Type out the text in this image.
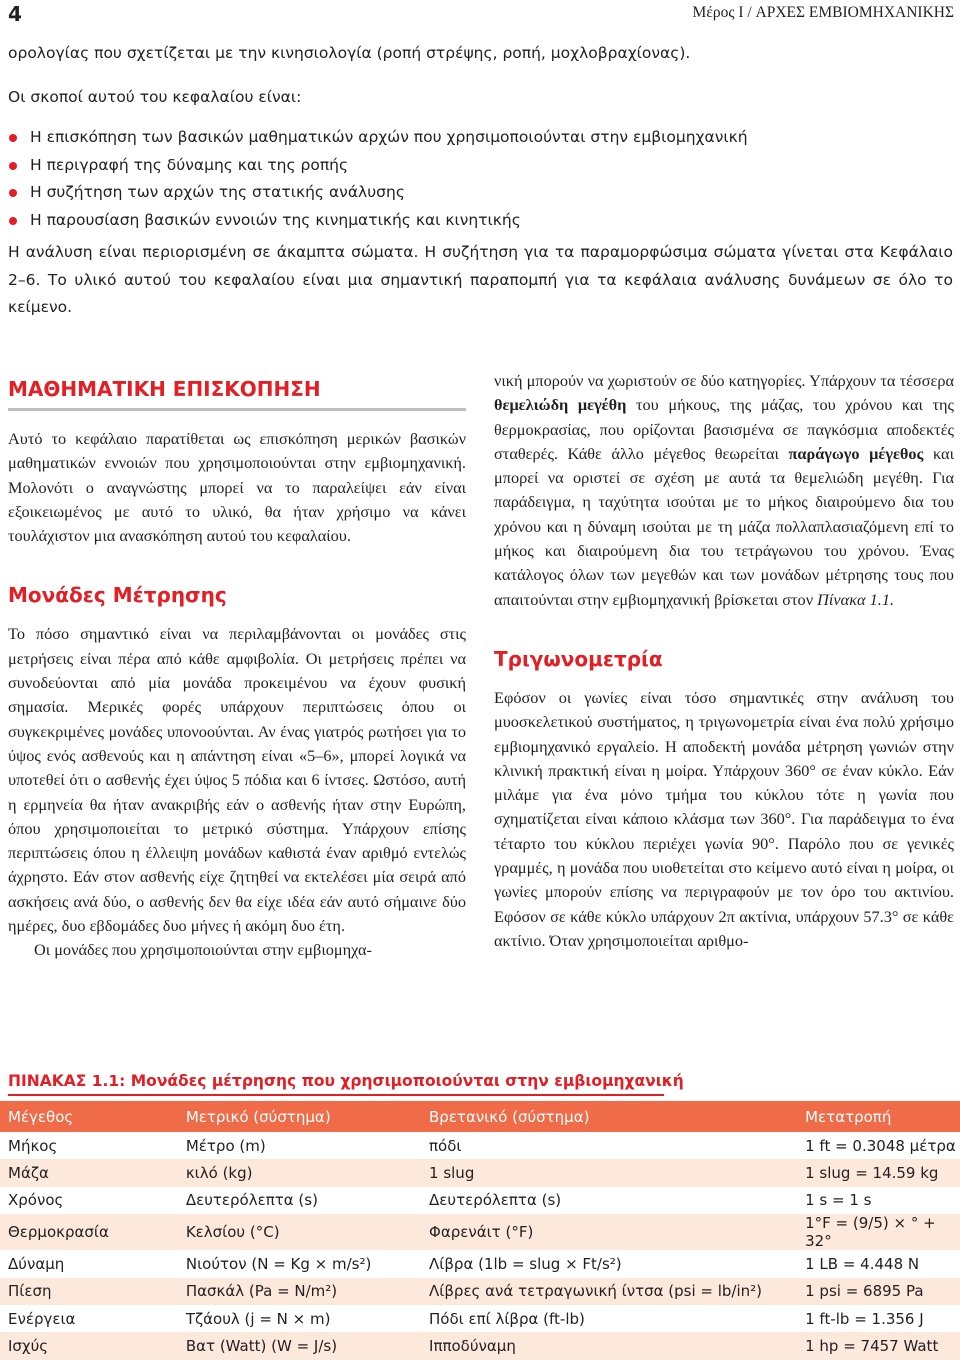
4	Μέρος I / ΑΡΧΕΣ ΕΜΒΙΟΜΗΧΑΝΙΚΗΣ
ορολογίας που σχετίζεται με την κινησιολογία (ροπή στρέψης, ροπή, μοχλοβραχίονας).
Οι σκοποί αυτού του κεφαλαίου είναι:
Η επισκόπηση των βασικών μαθηματικών αρχών που χρησιμοποιούνται στην εμβιομηχανική
Η περιγραφή της δύναμης και της ροπής
Η συζήτηση των αρχών της στατικής ανάλυσης
Η παρουσίαση βασικών εννοιών της κινηματικής και κινητικής
Η ανάλυση είναι περιορισμένη σε άκαμπτα σώματα. Η συζήτηση για τα παραμορφώσιμα σώματα γίνεται στα Κεφάλαιο 2–6. Το υλικό αυτού του κεφαλαίου είναι μια σημαντική παραπομπή για τα κεφάλαια ανάλυσης δυνάμεων σε όλο το κείμενο.
ΜΑΘΗΜΑΤΙΚΗ ΕΠΙΣΚΟΠΗΣΗ

Αυτό το κεφάλαιο παρατίθεται ως επισκόπηση μερικών βασικών μαθηματικών εννοιών που χρησιμοποιούνται στην εμβιομηχανική. Μολονότι ο αναγνώστης μπορεί να το παραλείψει εάν είναι εξοικειωμένος με αυτό το υλικό, θα ήταν χρήσιμο να κάνει τουλάχιστον μια ανασκόπηση αυτού του κεφαλαίου.

Μονάδες Μέτρησης

Το πόσο σημαντικό είναι να περιλαμβάνονται οι μονάδες στις μετρήσεις είναι πέρα από κάθε αμφιβολία. Οι μετρήσεις πρέπει να συνοδεύονται από μία μονάδα προκειμένου να έχουν φυσική σημασία. Μερικές φορές υπάρχουν περιπτώσεις όπου οι συγκεκριμένες μονάδες υπονοούνται. Αν ένας γιατρός ρωτήσει για το ύψος ενός ασθενούς και η απάντηση είναι «5–6», μπορεί λογικά να υποτεθεί ότι ο ασθενής έχει ύψος 5 πόδια και 6 ίντσες. Ωστόσο, αυτή η ερμηνεία θα ήταν ανακριβής εάν ο ασθενής ήταν στην Ευρώπη, όπου χρησιμοποιείται το μετρικό σύστημα. Υπάρχουν επίσης περιπτώσεις όπου η έλλειψη μονάδων καθιστά έναν αριθμό εντελώς άχρηστο. Εάν στον ασθενής είχε ζητηθεί να εκτελέσει μία σειρά από ασκήσεις ανά δύο, ο ασθενής δεν θα είχε ιδέα εάν αυτό σήμαινε δύο ημέρες, δυο εβδομάδες δυο μήνες ή ακόμη δυο έτη.

Οι μονάδες που χρησιμοποιούνται στην εμβιομηχα-

νική μπορούν να χωριστούν σε δύο κατηγορίες. Υπάρχουν τα τέσσερα θεμελιώδη μεγέθη του μήκους, της μάζας, του χρόνου και της θερμοκρασίας, που ορίζονται βασισμένα σε παγκόσμια αποδεκτές σταθερές. Κάθε άλλο μέγεθος θεωρείται παράγωγο μέγεθος και μπορεί να οριστεί σε σχέση με αυτά τα θεμελιώδη μεγέθη. Για παράδειγμα, η ταχύτητα ισούται με το μήκος διαιρούμενο δια του χρόνου και η δύναμη ισούται με τη μάζα πολλαπλασιαζόμενη επί το μήκος και διαιρούμενη δια του τετράγωνου του χρόνου. Ένας κατάλογος όλων των μεγεθών και των μονάδων μέτρησης τους που απαιτούνται στην εμβιομηχανική βρίσκεται στον Πίνακα 1.1.

Τριγωνομετρία

Εφόσον οι γωνίες είναι τόσο σημαντικές στην ανάλυση του μυοσκελετικού συστήματος, η τριγωνομετρία είναι ένα πολύ χρήσιμο εμβιομηχανικό εργαλείο. Η αποδεκτή μονάδα μέτρηση γωνιών στην κλινική πρακτική είναι η μοίρα. Υπάρχουν 360° σε έναν κύκλο. Εάν μιλάμε για ένα μόνο τμήμα του κύκλου τότε η γωνία που σχηματίζεται είναι κάποιο κλάσμα των 360°. Για παράδειγμα το ένα τέταρτο του κύκλου περιέχει γωνία 90°. Παρόλο που σε γενικές γραμμές, η μονάδα που υιοθετείται στο κείμενο αυτό είναι η μοίρα, οι γωνίες μπορούν επίσης να περιγραφούν με τον όρο του ακτινίου. Εφόσον σε κάθε κύκλο υπάρχουν 2π ακτίνια, υπάρχουν 57.3° σε κάθε ακτίνιο. Όταν χρησιμοποιείται αριθμο-

ΠΙΝΑΚΑΣ 1.1: Μονάδες μέτρησης που χρησιμοποιούνται στην εμβιομηχανική
Μέγεθος	Μετρικό (σύστημα)	Βρετανικό (σύστημα)	Μετατροπή
Μήκος	Μέτρο (m)	πόδι	1 ft = 0.3048 μέτρα
Μάζα	κιλό (kg)	1 slug	1 slug = 14.59 kg
Χρόνος	Δευτερόλεπτα (s)	Δευτερόλεπτα (s)	1 s = 1 s
Θερμοκρασία	Κελσίου (°C)	Φαρενάιτ (°F)	1°F = (9/5) × ° + 32°
Δύναμη	Νιούτον (N = Kg × m/s²)	Λίβρα (1lb = slug × Ft/s²)	1 LB = 4.448 N
Πίεση	Πασκάλ (Pa = N/m²)	Λίβρες ανά τετραγωνική ίντσα (psi = lb/in²)	1 psi = 6895 Pa
Ενέργεια	Τζάουλ (j = N × m)	Πόδι επί λίβρα (ft-lb)	1 ft-lb = 1.356 J
Ισχύς	Βατ (Watt) (W = J/s)	Ιπποδύναμη	1 hp = 7457 Watt
